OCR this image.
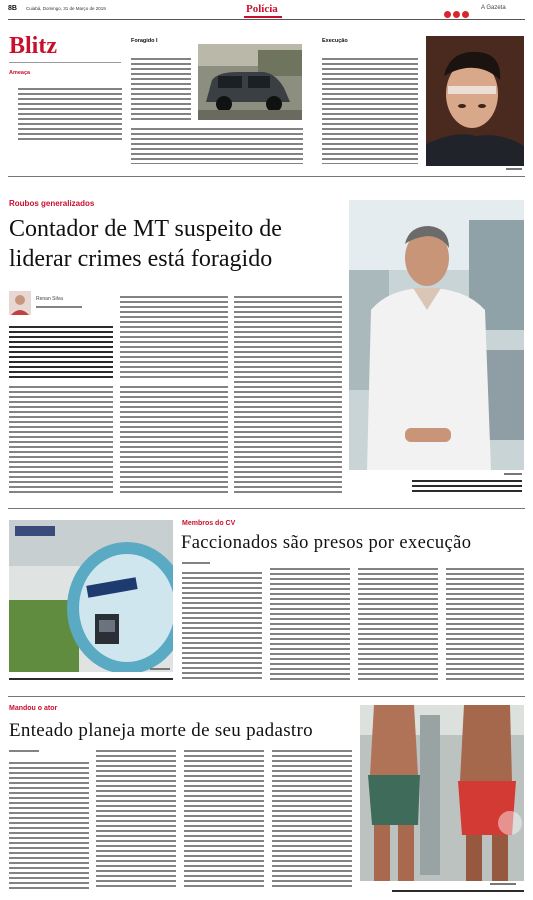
8B Cuiabá, Domingo, 31 de Março de 2019	Polícia	A Gazeta
Blitz
Ameaça
Foragido I	Execução
Roubos generalizados
Contador de MT suspeito de
liderar crimes está foragido
Renan Silva
Membros do CV
Faccionados são presos por execução
Mandou o ator
Enteado planeja morte de seu padastro
